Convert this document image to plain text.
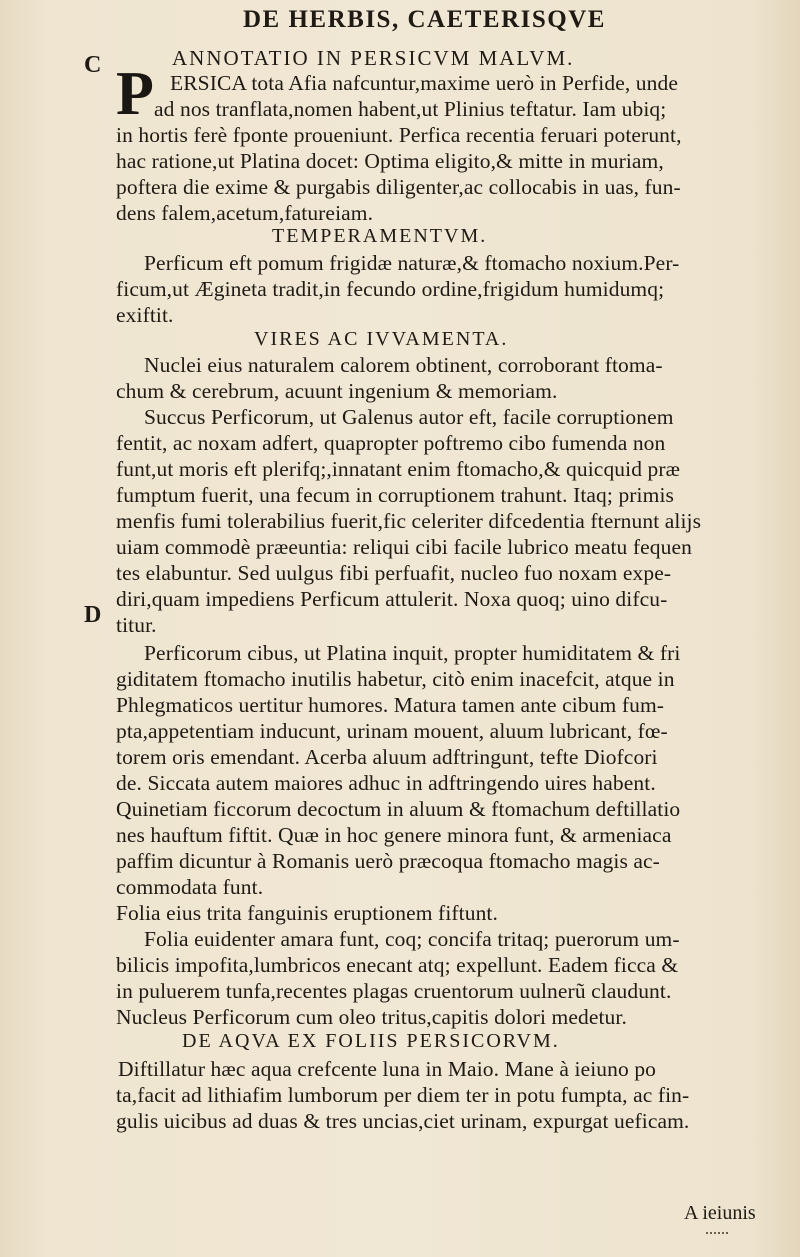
DE HERBIS, CAETERISQVE
C
D
ANNOTATIO IN PERSICVM MALVM.
P ERSICA tota Afia nafcuntur,maxime uerò in Perfide, unde
ad nos tranflata,nomen habent,ut Plinius teftatur. Iam ubiq;
in hortis ferè fponte proueniunt. Perfica recentia feruari poterunt,
hac ratione,ut Platina docet: Optima eligito,& mitte in muriam,
poftera die exime & purgabis diligenter,ac collocabis in uas, fun-
dens falem,acetum,fatureiam.
TEMPERAMENTVM.
Perficum eft pomum frigidæ naturæ,& ftomacho noxium.Per-
ficum,ut Ægineta tradit,in fecundo ordine,frigidum humidumq;
exiftit.
VIRES AC IVVAMENTA.
Nuclei eius naturalem calorem obtinent, corroborant ftoma-
chum & cerebrum, acuunt ingenium & memoriam.
Succus Perficorum, ut Galenus autor eft, facile corruptionem
fentit, ac noxam adfert, quapropter poftremo cibo fumenda non
funt,ut moris eft plerifq;,innatant enim ftomacho,& quicquid præ
fumptum fuerit, una fecum in corruptionem trahunt. Itaq; primis
menfis fumi tolerabilius fuerit,fic celeriter difcedentia fternunt alijs
uiam commodè præeuntia: reliqui cibi facile lubrico meatu fequen
tes elabuntur. Sed uulgus fibi perfuafit, nucleo fuo noxam expe-
diri,quam impediens Perficum attulerit. Noxa quoq; uino difcu-
titur.
Perficorum cibus, ut Platina inquit, propter humiditatem & fri
giditatem ftomacho inutilis habetur, citò enim inacefcit, atque in
Phlegmaticos uertitur humores. Matura tamen ante cibum fum-
pta,appetentiam inducunt, urinam mouent, aluum lubricant, fœ-
torem oris emendant. Acerba aluum adftringunt, tefte Diofcori
de. Siccata autem maiores adhuc in adftringendo uires habent.
Quinetiam ficcorum decoctum in aluum & ftomachum deftillatio
nes hauftum fiftit. Quæ in hoc genere minora funt, & armeniaca
paffim dicuntur à Romanis uerò præcoqua ftomacho magis ac-
commodata funt.
Folia eius trita fanguinis eruptionem fiftunt.
Folia euidenter amara funt, coq; concifa tritaq; puerorum um-
bilicis impofita,lumbricos enecant atq; expellunt. Eadem ficca &
in puluerem tunfa,recentes plagas cruentorum uulnerũ claudunt.
Nucleus Perficorum cum oleo tritus,capitis dolori medetur.
DE AQVA EX FOLIIS PERSICORVM.
Diftillatur hæc aqua crefcente luna in Maio. Mane à ieiuno po
ta,facit ad lithiafim lumborum per diem ter in potu fumpta, ac fin-
gulis uicibus ad duas & tres uncias,ciet urinam, expurgat ueficam.
A ieiunis
